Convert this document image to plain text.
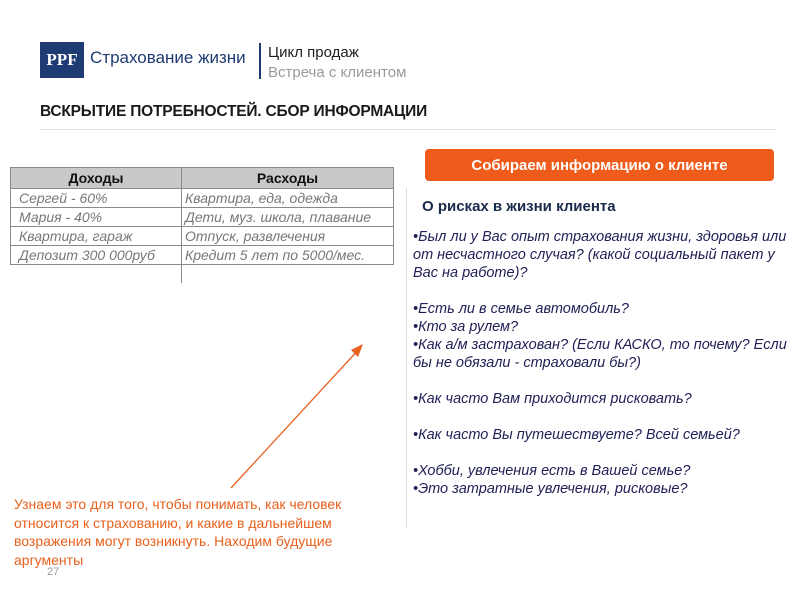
PPF Страхование жизни Цикл продаж
Встреча с клиентом
ВСКРЫТИЕ ПОТРЕБНОСТЕЙ. СБОР ИНФОРМАЦИИ
Доходы	Расходы
Сергей - 60%	Квартира, еда, одежда
Мария - 40%	Дети, муз. школа, плавание
Квартира, гараж	Отпуск, развлечения
Депозит 300 000руб	Кредит 5 лет по 5000/мес.

Собираем информацию о клиенте
О рисках в жизни клиента
•Был ли у Вас опыт страхования жизни, здоровья или от несчастного случая? (какой социальный пакет у Вас на работе)?
•Есть ли в семье автомобиль?
•Кто за рулем?
•Как а/м застрахован? (Если КАСКО, то почему? Если бы не обязали - страховали бы?)
•Как часто Вам приходится рисковать?
•Как часто Вы путешествуете? Всей семьей?
•Хобби, увлечения есть в Вашей семье?
•Это затратные увлечения, рисковые?
Узнаем это для того, чтобы понимать, как человек относится к страхованию, и какие в дальнейшем возражения могут возникнуть. Находим будущие аргументы
27
